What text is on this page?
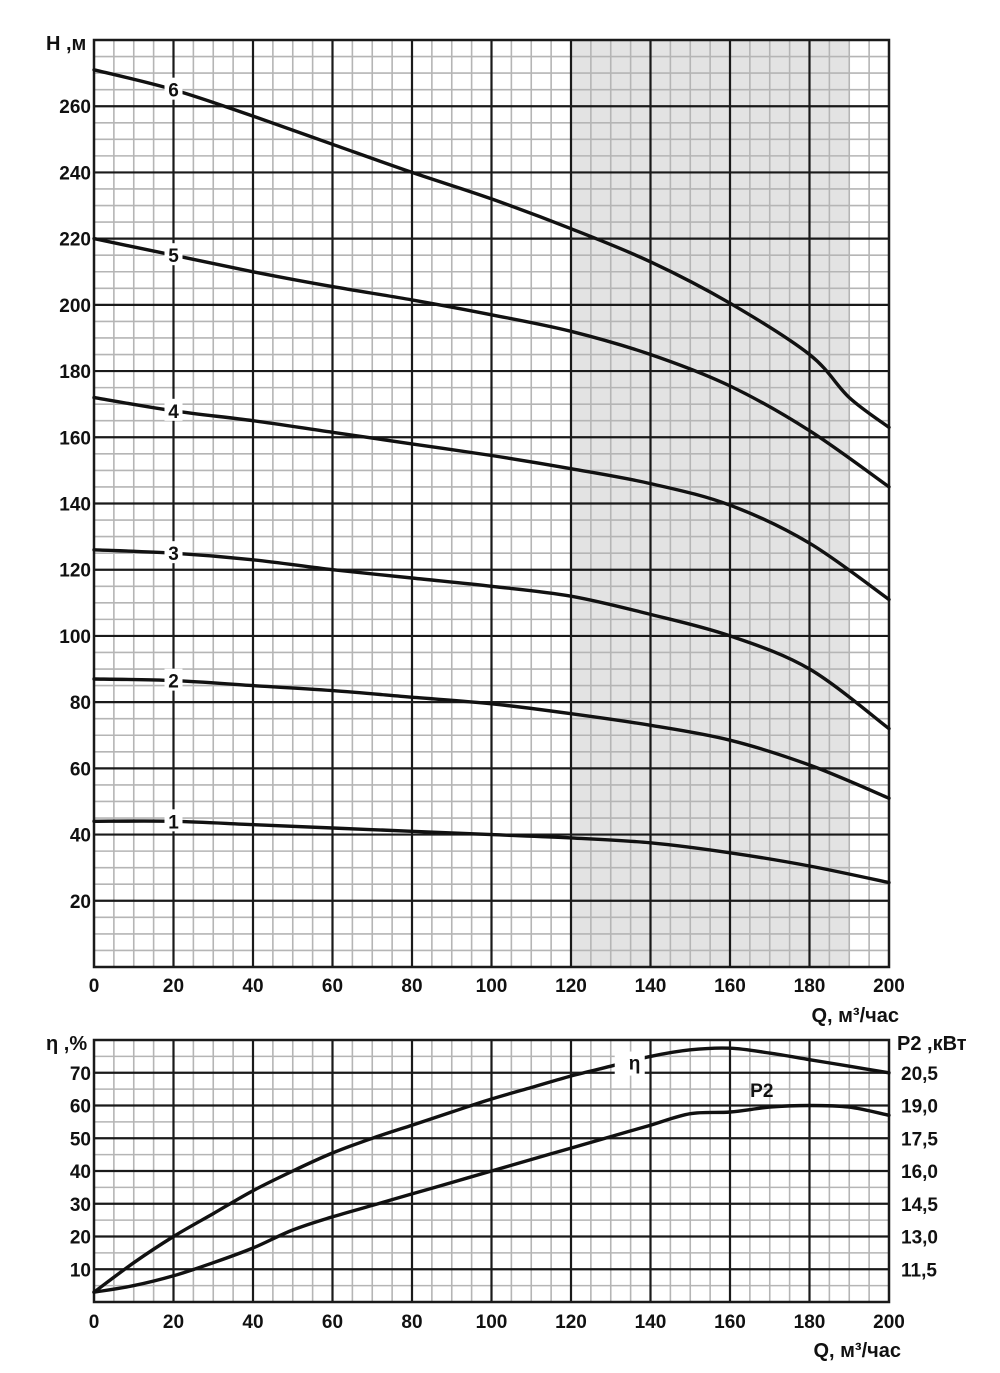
0	20	40	60	80	100	120	140	160	180	200
20
40
60
80
100
120
140
160
180
200
220
240
260
H ,м
Q, м³/час
1
2
3
4
5
6
0	20	40	60	80	100	120	140	160	180	200
10
20
30
40
50
60
70
11,5
13,0
14,5
16,0
17,5
19,0
20,5
η ,%	P2 ,кВт
Q, м³/час
η
P2
